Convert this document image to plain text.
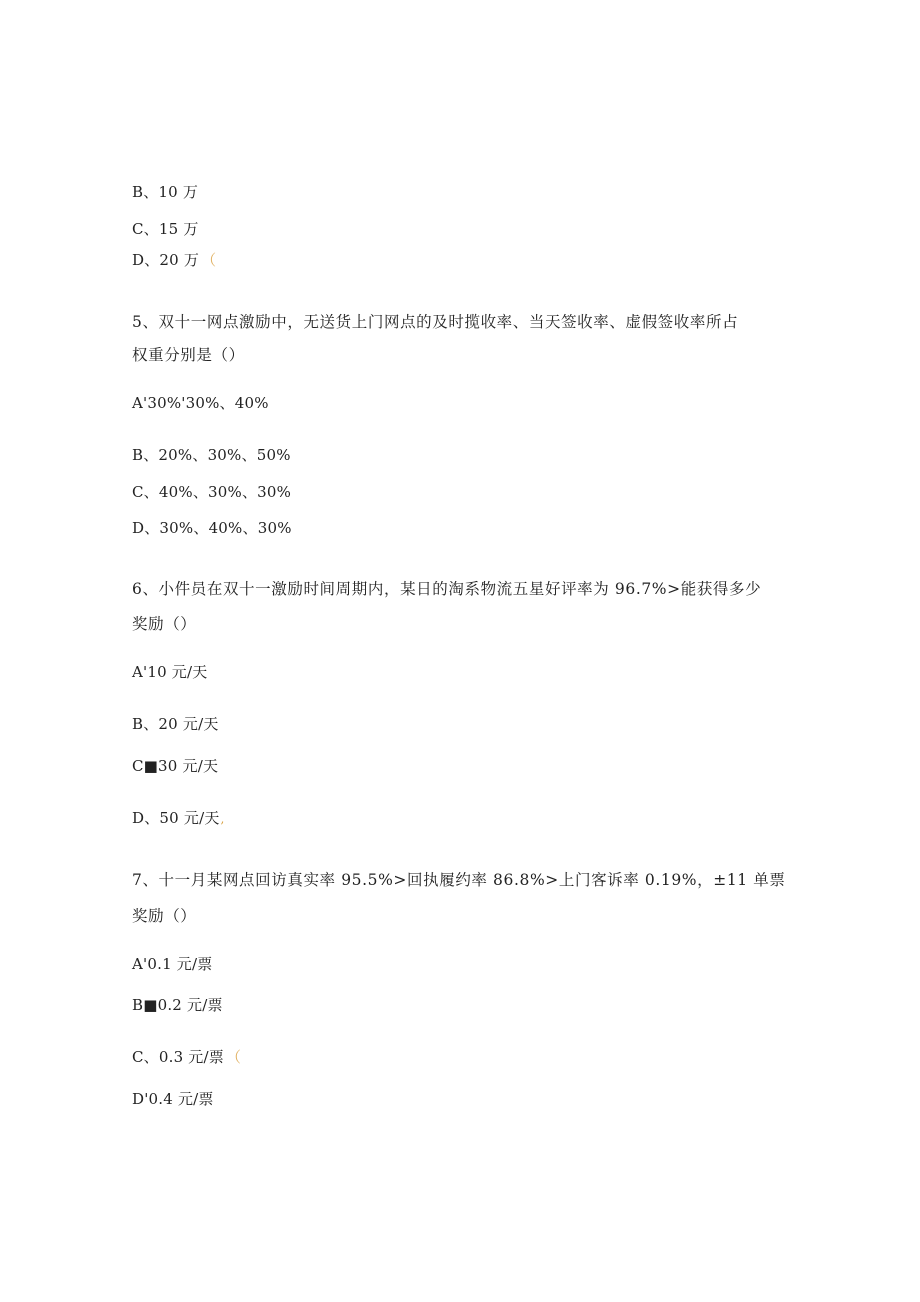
B、10 万
C、15 万
D、20 万 （
5、双十一网点激励中，无送货上门网点的及时揽收率、当天签收率、虚假签收率所占
权重分别是（）
A'30%'30%、40%
B、20%、30%、50%
C、40%、30%、30%
D、30%、40%、30%
6、小件员在双十一激励时间周期内，某日的淘系物流五星好评率为 96.7%>能获得多少
奖励（）
A'10 元/天
B、20 元/天
C■30 元/天
D、50 元/天,
7、十一月某网点回访真实率 95.5%>回执履约率 86.8%>上门客诉率 0.19%，±11 单票
奖励（）
A'0.1 元/票
B■0.2 元/票
C、0.3 元/票 （
D'0.4 元/票
